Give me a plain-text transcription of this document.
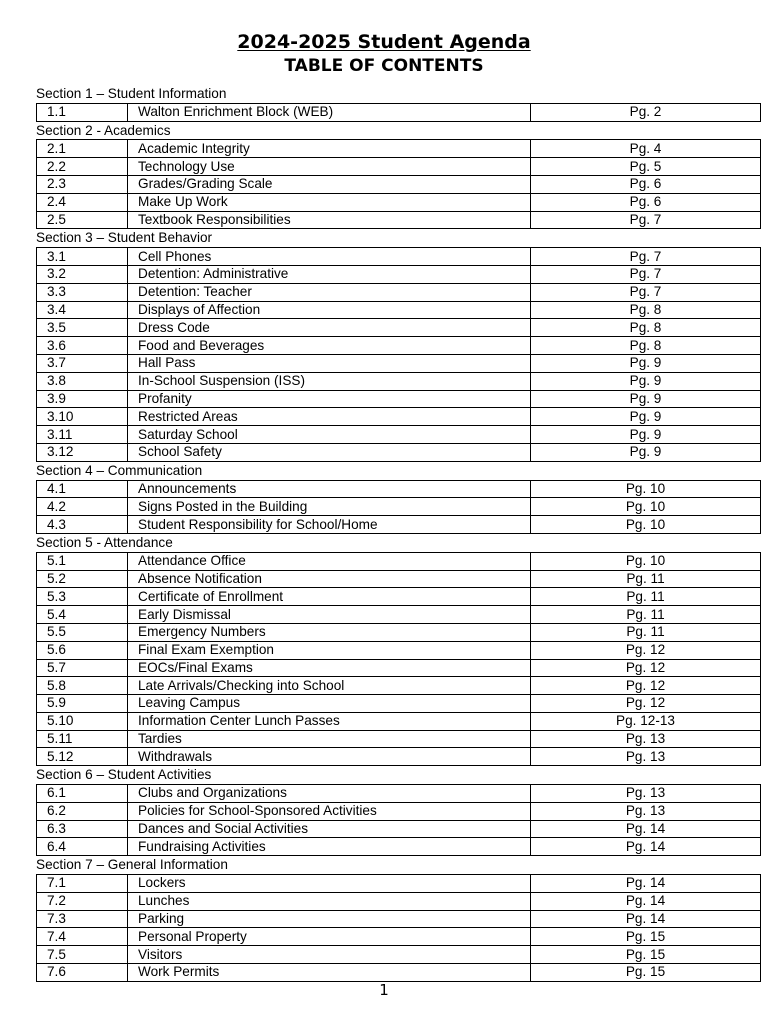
2024-2025 Student Agenda
TABLE OF CONTENTS
Section 1 – Student Information
1.1	Walton Enrichment Block (WEB)	Pg. 2
Section 2 - Academics
2.1	Academic Integrity	Pg. 4
2.2	Technology Use	Pg. 5
2.3	Grades/Grading Scale	Pg. 6
2.4	Make Up Work	Pg. 6
2.5	Textbook Responsibilities	Pg. 7
Section 3 – Student Behavior
3.1	Cell Phones	Pg. 7
3.2	Detention: Administrative	Pg. 7
3.3	Detention: Teacher	Pg. 7
3.4	Displays of Affection	Pg. 8
3.5	Dress Code	Pg. 8
3.6	Food and Beverages	Pg. 8
3.7	Hall Pass	Pg. 9
3.8	In-School Suspension (ISS)	Pg. 9
3.9	Profanity	Pg. 9
3.10	Restricted Areas	Pg. 9
3.11	Saturday School	Pg. 9
3.12	School Safety	Pg. 9
Section 4 – Communication
4.1	Announcements	Pg. 10
4.2	Signs Posted in the Building	Pg. 10
4.3	Student Responsibility for School/Home	Pg. 10
Section 5 - Attendance
5.1	Attendance Office	Pg. 10
5.2	Absence Notification	Pg. 11
5.3	Certificate of Enrollment	Pg. 11
5.4	Early Dismissal	Pg. 11
5.5	Emergency Numbers	Pg. 11
5.6	Final Exam Exemption	Pg. 12
5.7	EOCs/Final Exams	Pg. 12
5.8	Late Arrivals/Checking into School	Pg. 12
5.9	Leaving Campus	Pg. 12
5.10	Information Center Lunch Passes	Pg. 12-13
5.11	Tardies	Pg. 13
5.12	Withdrawals	Pg. 13
Section 6 – Student Activities
6.1	Clubs and Organizations	Pg. 13
6.2	Policies for School-Sponsored Activities	Pg. 13
6.3	Dances and Social Activities	Pg. 14
6.4	Fundraising Activities	Pg. 14
Section 7 – General Information
7.1	Lockers	Pg. 14
7.2	Lunches	Pg. 14
7.3	Parking	Pg. 14
7.4	Personal Property	Pg. 15
7.5	Visitors	Pg. 15
7.6	Work Permits	Pg. 15
1
